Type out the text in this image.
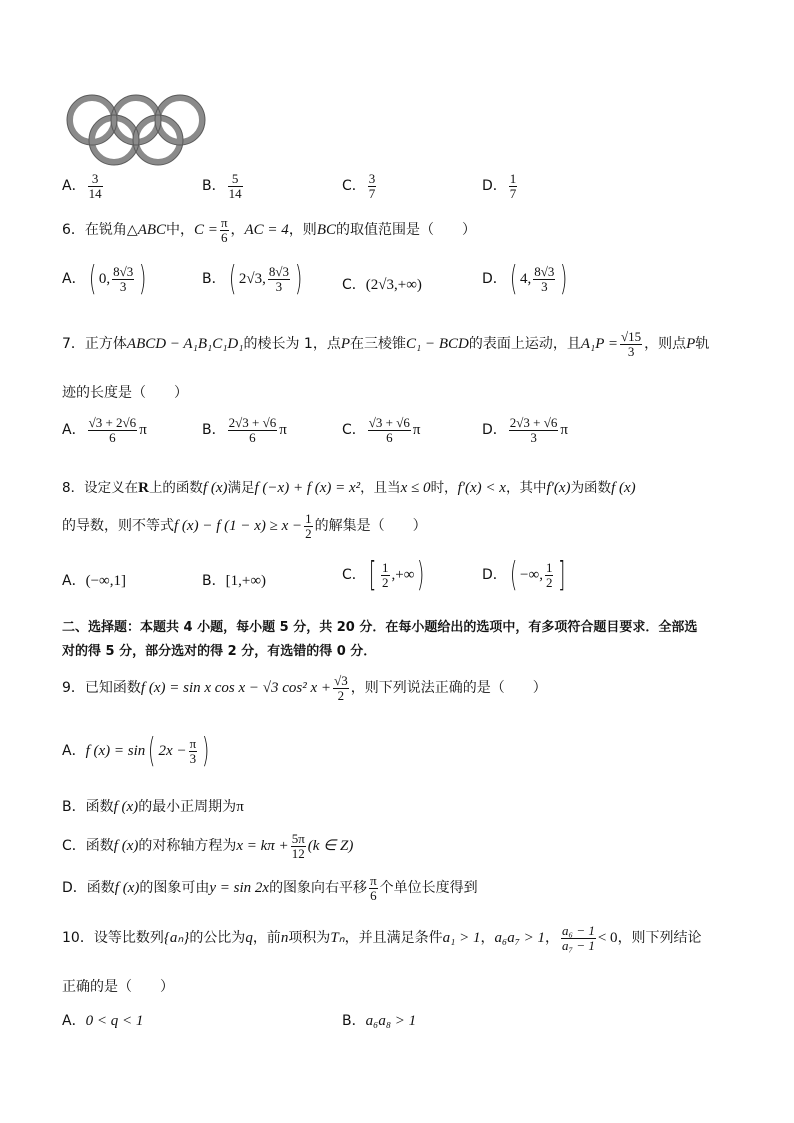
A． $\frac{3}{14}$	B． $\frac{5}{14}$	C． $\frac{3}{7}$	D． $\frac{1}{7}$
6．在锐角△ABC中，$C = \frac{\pi}{6}$ ，AC = 4，则BC的取值范围是（　　）
A．( 0, $\frac{8√3}{3}$ )	B．( 2√3, $\frac{8√3}{3}$ )	C．(2√3,+∞)	D．( 4, $\frac{8√3}{3}$ )
7．正方体ABCD − A₁B₁C₁D₁的棱长为 1，点P在三棱锥C₁ − BCD的表面上运动，且$A_1P = \frac{√15}{3}$ ，则点P轨
迹的长度是（　　）
A． $\frac{√3 + 2√6}{6}$ π	B． $\frac{2√3 + √6}{6}$ π	C． $\frac{√3 + √6}{6}$ π	D． $\frac{2√3 + √6}{3}$ π
8．设定义在R上的函数f (x)满足f (−x) + f (x) = x²，且当x ≤ 0时，f′(x) < x，其中f′(x)为函数f (x)
的导数，则不等式f (x) − f $(1 - x) \ge x - \frac{1}{2}$ 的解集是（　　）
A．(−∞,1]	B．[1,+∞)	C．[ $\frac{1}{2}$ ,+∞)	D．( −∞, $\frac{1}{2}$ ]
二、选择题：本题共 4 小题，每小题 5 分，共 20 分．在每小题给出的选项中，有多项符合题目要求．全部选
对的得 5 分，部分选对的得 2 分，有选错的得 0 分．
9．已知函数f (x) = sin x cos x − √3 cos² $x + \frac{√3}{2}$ ，则下列说法正确的是（　　）
A．f (x) = sin( $2x - \frac{\pi}{3}$ )
B．函数f (x)的最小正周期为π
C．函数f (x)的对称轴方程为$x = k\pi + \frac{5\pi}{12} (k$ ∈ Z)
D．函数f (x)的图象可由y = sin 2x的图象向右平移 $\frac{\pi}{6}$ 个单位长度得到
10．设等比数列{aₙ}的公比为q，前n项积为Tₙ，并且满足条件a₁ > 1，a₆a₇ > 1， $\frac{\text{a₆ − 1}}{\text{a₇ − 1}} < 0$，则下列结论
正确的是（　　）
A．0 < q < 1	B．a₆a₈ > 1
